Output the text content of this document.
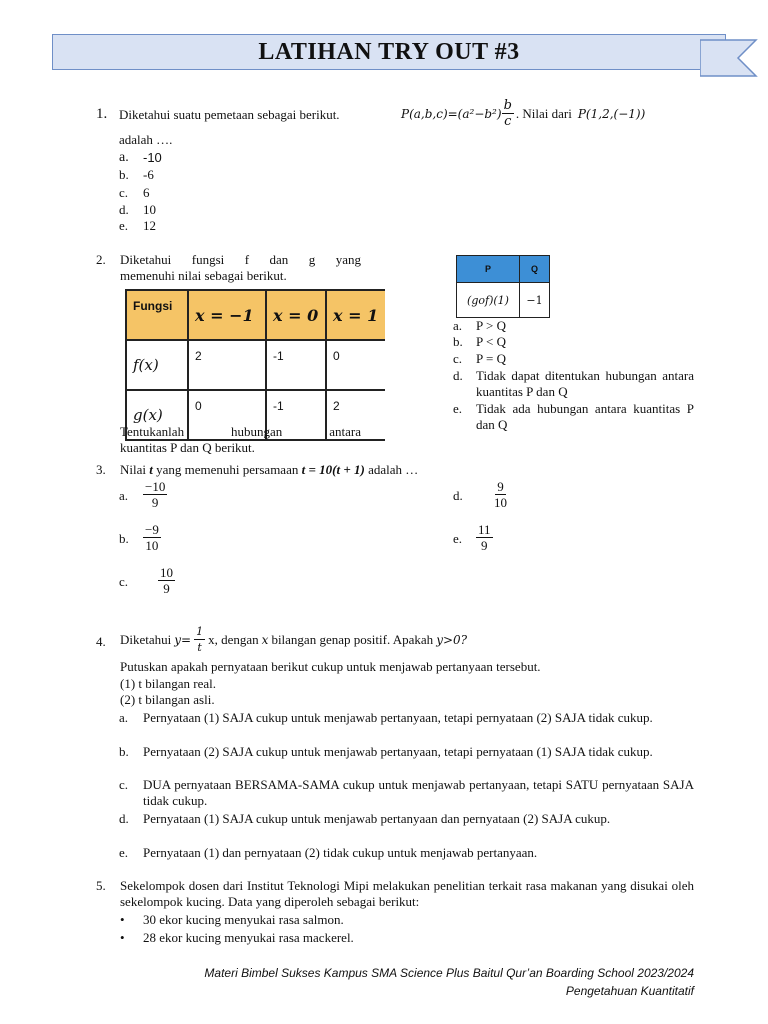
LATIHAN TRY OUT #3
1. Diketahui suatu pemetaan sebagai berikut.	$P(a,b,c)=(a^2-b^2) \frac{b}{c}$ . Nilai dari P(1,2,(−1))
adalah ….
a. -10
b. -6
c. 6
d. 10
e. 12
2. Diketahui fungsi f dan g yang
memenuhi nilai sebagai berikut.
Fungsi	x = −1	x = 0	x = 1
f(x)	2	-1	0
g(x)	0	-1	2
Tentukanlah hubungan antara
kuantitas P dan Q berikut.
P	Q
(gof)(1)	−1
a. P > Q
b. P < Q
c. P = Q
d. Tidak dapat ditentukan hubungan antara kuantitas P dan Q
e. Tidak ada hubungan antara kuantitas P dan Q
3. Nilai t yang memenuhi persamaan t = 10(t + 1) adalah …
a. $\frac{-10}{9}$
b. $\frac{-9}{10}$
c. $\frac{10}{9}$
d. $\frac{9}{10}$
e. $\frac{11}{9}$
4. Diketahui $y= \frac{1}{t} x$, dengan x bilangan genap positif. Apakah y>0?
Putuskan apakah pernyataan berikut cukup untuk menjawab pertanyaan tersebut.
(1) t bilangan real.
(2) t bilangan asli.
a. Pernyataan (1) SAJA cukup untuk menjawab pertanyaan, tetapi pernyataan (2) SAJA tidak cukup.
b. Pernyataan (2) SAJA cukup untuk menjawab pertanyaan, tetapi pernyataan (1) SAJA tidak cukup.
c. DUA pernyataan BERSAMA-SAMA cukup untuk menjawab pertanyaan, tetapi SATU pernyataan SAJA tidak cukup.
d. Pernyataan (1) SAJA cukup untuk menjawab pertanyaan dan pernyataan (2) SAJA cukup.
e. Pernyataan (1) dan pernyataan (2) tidak cukup untuk menjawab pertanyaan.
5. Sekelompok dosen dari Institut Teknologi Mipi melakukan penelitian terkait rasa makanan yang disukai oleh sekelompok kucing. Data yang diperoleh sebagai berikut:
• 30 ekor kucing menyukai rasa salmon.
• 28 ekor kucing menyukai rasa mackerel.
Materi Bimbel Sukses Kampus SMA Science Plus Baitul Qur’an Boarding School 2023/2024
Pengetahuan Kuantitatif
